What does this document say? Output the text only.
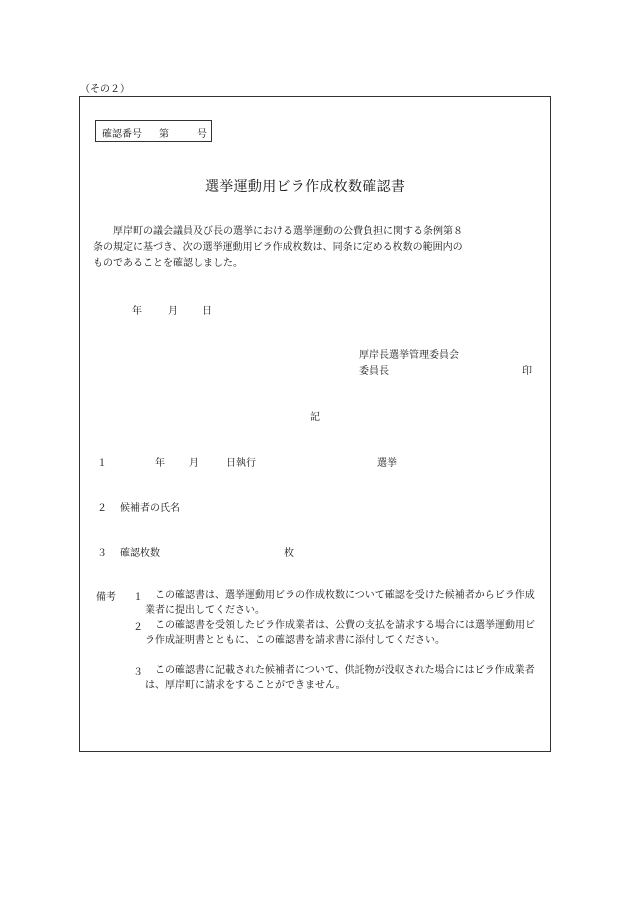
（その２）
確認番号 第	号
選挙運動用ビラ作成枚数確認書

　厚岸町の議会議員及び長の選挙における選挙運動の公費負担に関する条例第８

条の規定に基づき、次の選挙運動用ビラ作成枚数は、同条に定める枚数の範囲内の

ものであることを確認しました。

年	月 日
厚岸長選挙管理委員会
委員長	印
記
１	年 月	日執行	選挙
２ 候補者の氏名
３ 確認枚数	枚
備考 １	この確認書は、選挙運動用ビラの作成枚数について確認を受けた候補者からビラ作成業者に提出してください。
２	この確認書を受領したビラ作成業者は、公費の支払を請求する場合には選挙運動用ビラ作成証明書とともに、この確認書を請求書に添付してください。
３	この確認書に記載された候補者について、供託物が没収された場合にはビラ作成業者は、厚岸町に請求をすることができません。
